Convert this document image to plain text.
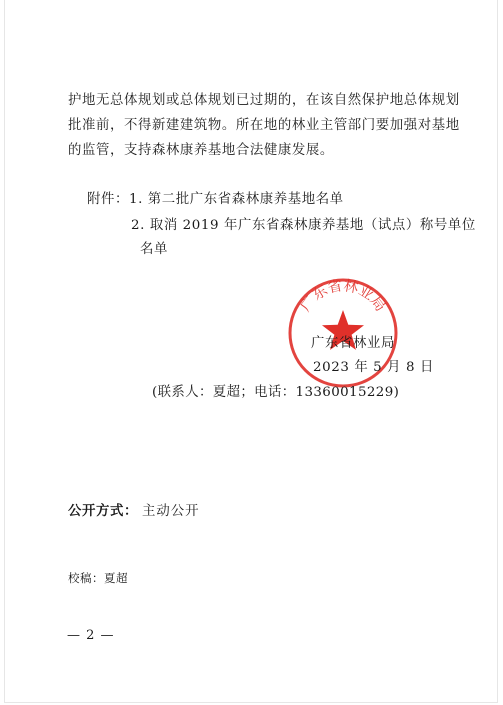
护地无总体规划或总体规划已过期的，在该自然保护地总体规划
批准前，不得新建建筑物。所在地的林业主管部门要加强对基地
的监管，支持森林康养基地合法健康发展。
附件：1. 第二批广东省森林康养基地名单
2. 取消 2019 年广东省森林康养基地（试点）称号单位
名单
广东省林业局
广东省林业局
2023 年 5 月 8 日
(联系人：夏超；电话：13360015229)
公开方式： 主动公开
校稿：夏超
— 2 —
